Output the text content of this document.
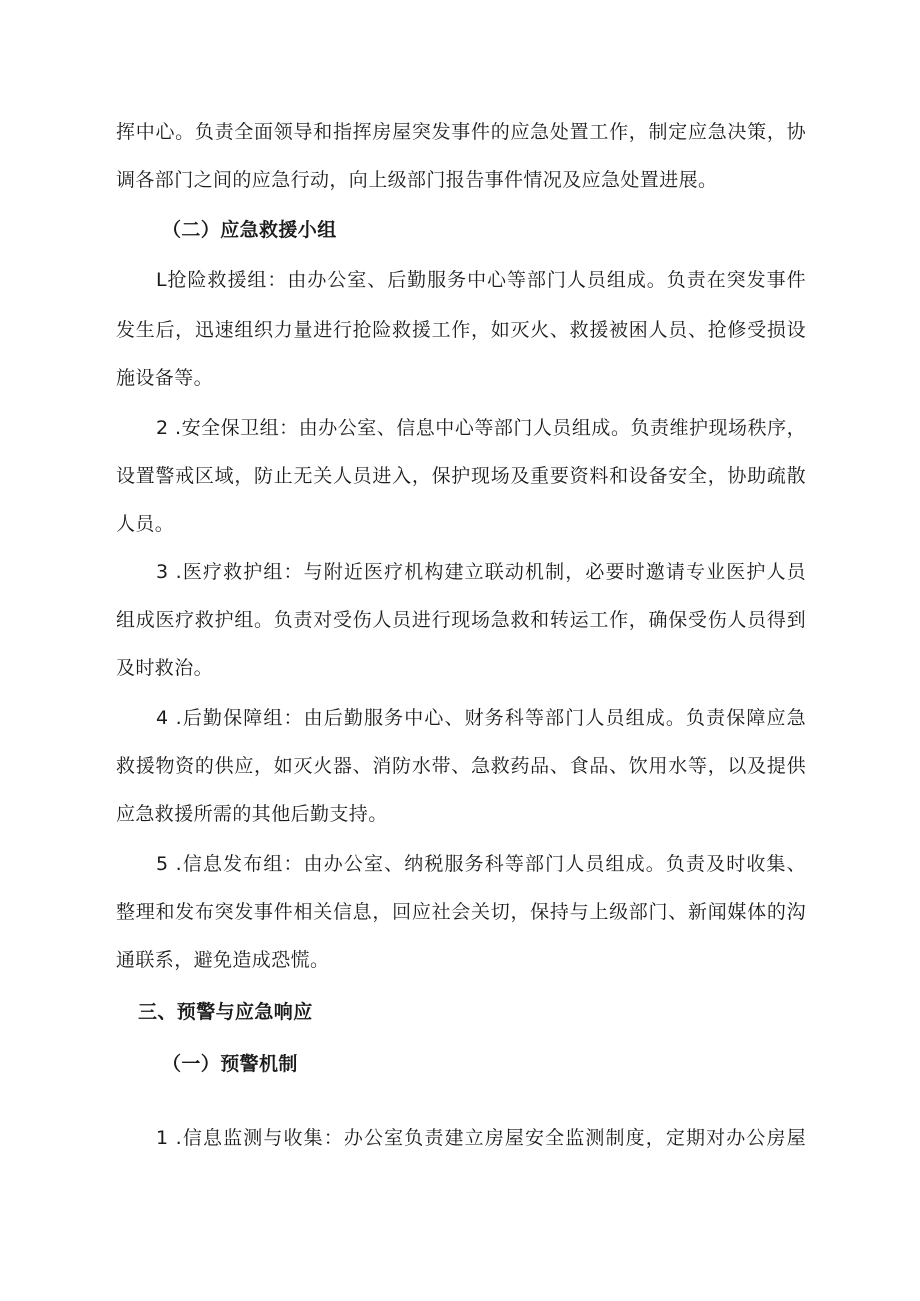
挥中心。负责全面领导和指挥房屋突发事件的应急处置工作，制定应急决策，协
调各部门之间的应急行动，向上级部门报告事件情况及应急处置进展。
（二）应急救援小组
L抢险救援组：由办公室、后勤服务中心等部门人员组成。负责在突发事件
发生后，迅速组织力量进行抢险救援工作，如灭火、救援被困人员、抢修受损设
施设备等。
2 .安全保卫组：由办公室、信息中心等部门人员组成。负责维护现场秩序，
设置警戒区域，防止无关人员进入，保护现场及重要资料和设备安全，协助疏散
人员。
3 .医疗救护组：与附近医疗机构建立联动机制，必要时邀请专业医护人员
组成医疗救护组。负责对受伤人员进行现场急救和转运工作，确保受伤人员得到
及时救治。
4 .后勤保障组：由后勤服务中心、财务科等部门人员组成。负责保障应急
救援物资的供应，如灭火器、消防水带、急救药品、食品、饮用水等，以及提供
应急救援所需的其他后勤支持。
5 .信息发布组：由办公室、纳税服务科等部门人员组成。负责及时收集、
整理和发布突发事件相关信息，回应社会关切，保持与上级部门、新闻媒体的沟
通联系，避免造成恐慌。
三、预警与应急响应
（一）预警机制
1 .信息监测与收集：办公室负责建立房屋安全监测制度，定期对办公房屋
